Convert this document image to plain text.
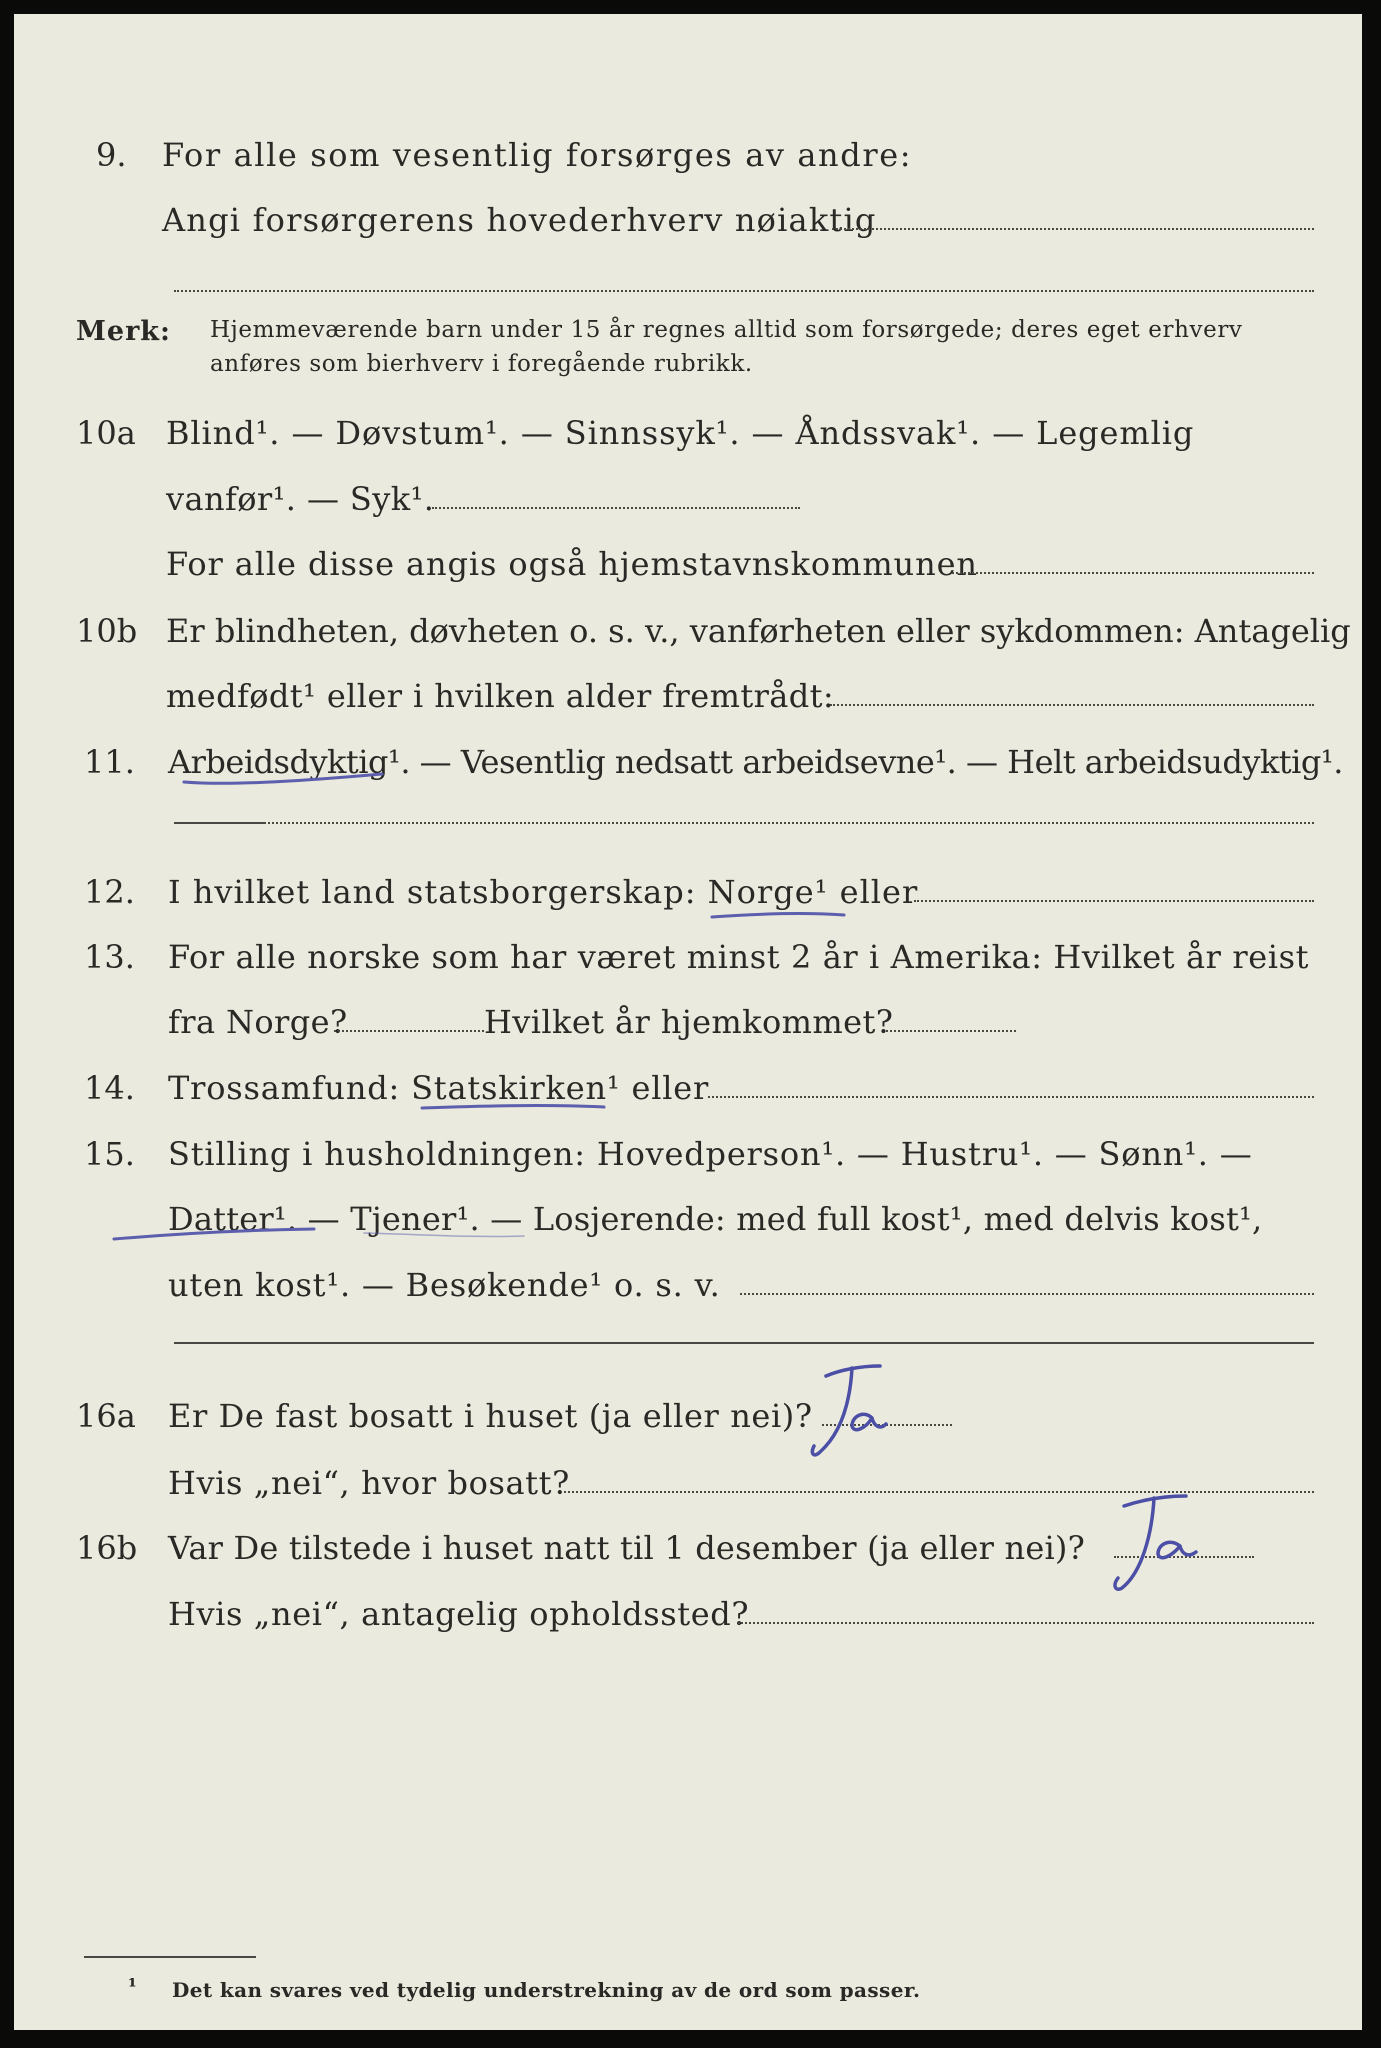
9. For alle som vesentlig forsørges av andre:
Angi forsørgerens hovederhverv nøiaktig
Merk: Hjemmeværende barn under 15 år regnes alltid som forsørgede; deres eget erhverv
anføres som bierhverv i foregående rubrikk.
10a Blind¹. — Døvstum¹. — Sinnssyk¹. — Åndssvak¹. — Legemlig
vanfør¹. — Syk¹.
For alle disse angis også hjemstavnskommunen
10b Er blindheten, døvheten o. s. v., vanførheten eller sykdommen: Antagelig
medfødt¹ eller i hvilken alder fremtrådt:
11. Arbeidsdyktig¹. — Vesentlig nedsatt arbeidsevne¹. — Helt arbeidsudyktig¹.
12. I hvilket land statsborgerskap: Norge¹ eller
13. For alle norske som har været minst 2 år i Amerika: Hvilket år reist
fra Norge?	Hvilket år hjemkommet?
14. Trossamfund: Statskirken¹ eller
15. Stilling i husholdningen: Hovedperson¹. — Hustru¹. — Sønn¹. —
Datter¹. — Tjener¹. — Losjerende: med full kost¹, med delvis kost¹,
uten kost¹. — Besøkende¹ o. s. v.
16a Er De fast bosatt i huset (ja eller nei)?
Hvis „nei“, hvor bosatt?
16b Var De tilstede i huset natt til 1 desember (ja eller nei)?
Hvis „nei“, antagelig opholdssted?
¹ Det kan svares ved tydelig understrekning av de ord som passer.
